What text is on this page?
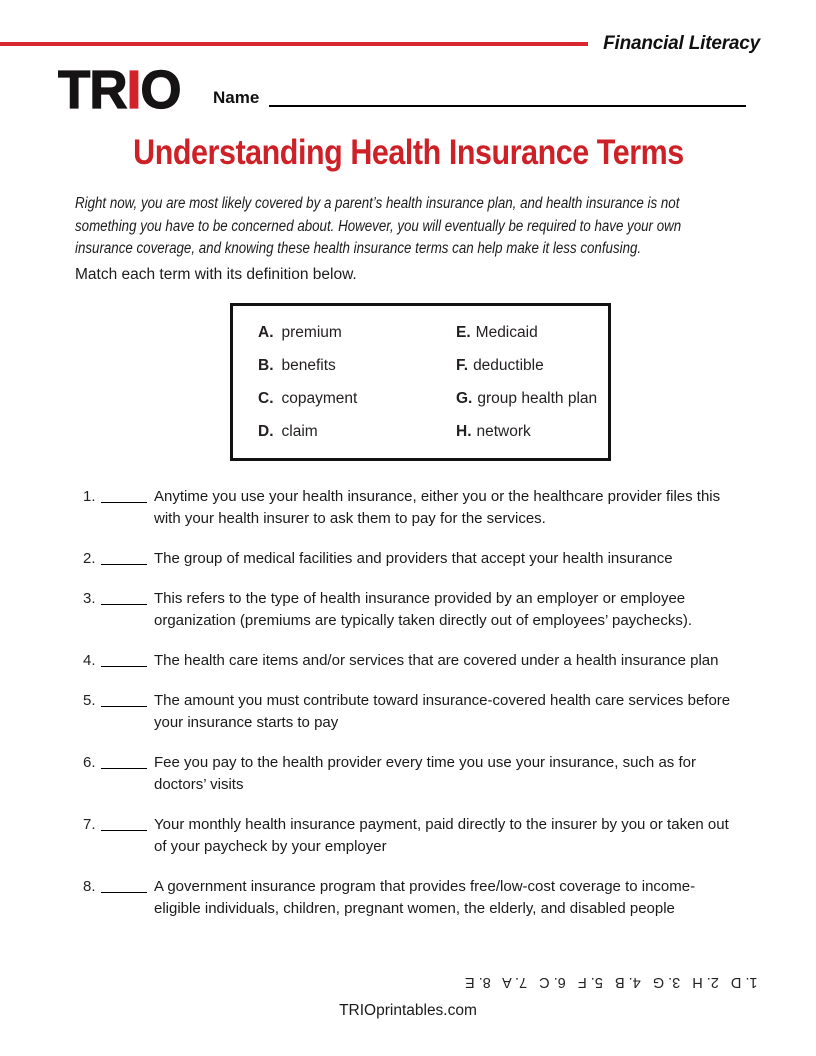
Financial Literacy
TRIO Name
Understanding Health Insurance Terms
Right now, you are most likely covered by a parent’s health insurance plan, and health insurance is not something you have to be concerned about. However, you will eventually be required to have your own insurance coverage, and knowing these health insurance terms can help make it less confusing.
Match each term with its definition below.
A. premium	E. Medicaid
B. benefits	F. deductible
C. copayment	G. group health plan
D. claim	H. network
1.	Anytime you use your health insurance, either you or the healthcare provider files this with your health insurer to ask them to pay for the services.
2.	The group of medical facilities and providers that accept your health insurance
3.	This refers to the type of health insurance provided by an employer or employee organization (premiums are typically taken directly out of employees’ paychecks).
4.	The health care items and/or services that are covered under a health insurance plan
5.	The amount you must contribute toward insurance-covered health care services before your insurance starts to pay
6.	Fee you pay to the health provider every time you use your insurance, such as for doctors’ visits
7.	Your monthly health insurance payment, paid directly to the insurer by you or taken out of your paycheck by your employer
8.	A government insurance program that provides free/low-cost coverage to income-eligible individuals, children, pregnant women, the elderly, and disabled people
1. D   2. H   3. G   4. B   5. F   6. C   7. A   8. E
TRIOprintables.com
